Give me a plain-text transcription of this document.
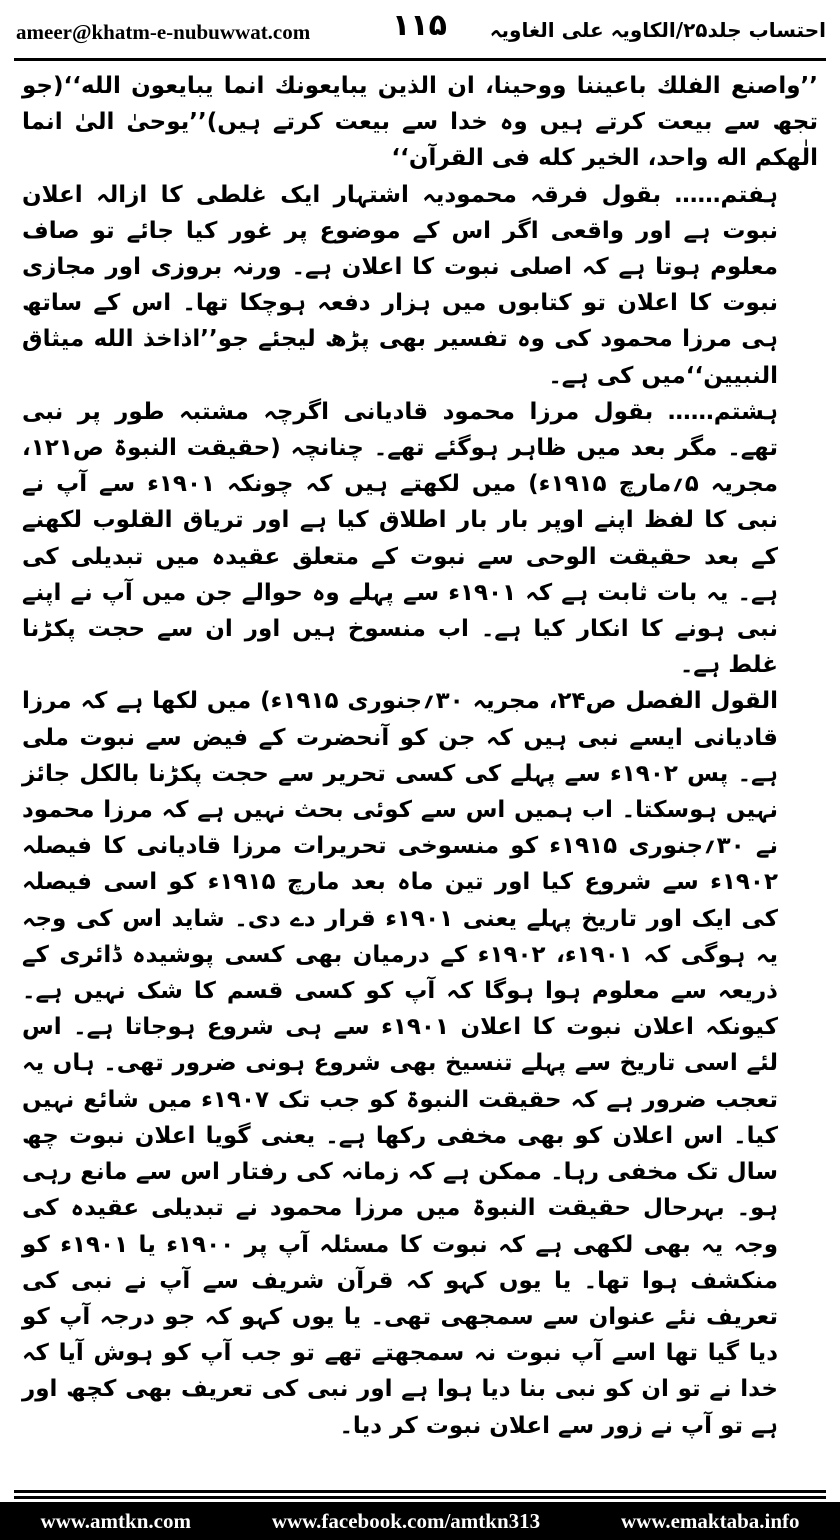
ameer@khatm-e-nubuwwat.com	۱۱۵ احتساب جلد۲۵/الکاویہ علی الغاویہ

’’واصنع الفلك باعيننا ووحينا، ان الذين يبايعونك انما يبايعون الله‘‘(جو تجھ سے بیعت کرتے ہیں وہ خدا سے بیعت کرتے ہیں)’’یوحیٰ الیٰ انما الٰهكم اله واحد، الخير كله فى القرآن‘‘

ہفتم…… بقول فرقہ محمودیہ اشتہار ایک غلطی کا ازالہ اعلان نبوت ہے اور واقعی اگر اس کے موضوع پر غور کیا جائے تو صاف معلوم ہوتا ہے کہ اصلی نبوت کا اعلان ہے۔ ورنہ بروزی اور مجازی نبوت کا اعلان تو کتابوں میں ہزار دفعہ ہوچکا تھا۔ اس کے ساتھ ہی مرزا محمود کی وہ تفسیر بھی پڑھ لیجئے جو’’اذاخذ الله ميثاق النبيين‘‘میں کی ہے۔

ہشتم…… بقول مرزا محمود قادیانی اگرچہ مشتبہ طور پر نبی تھے۔ مگر بعد میں ظاہر ہوگئے تھے۔ چنانچہ (حقیقت النبوۃ ص۱۲۱، مجریہ ۵؍مارچ ۱۹۱۵ء) میں لکھتے ہیں کہ چونکہ ۱۹۰۱ء سے آپ نے نبی کا لفظ اپنے اوپر بار بار اطلاق کیا ہے اور تریاق القلوب لکھنے کے بعد حقیقت الوحی سے نبوت کے متعلق عقیدہ میں تبدیلی کی ہے۔ یہ بات ثابت ہے کہ ۱۹۰۱ء سے پہلے وہ حوالے جن میں آپ نے اپنے نبی ہونے کا انکار کیا ہے۔ اب منسوخ ہیں اور ان سے حجت پکڑنا غلط ہے۔

القول الفصل ص۲۴، مجریہ ۳۰؍جنوری ۱۹۱۵ء) میں لکھا ہے کہ مرزا قادیانی ایسے نبی ہیں کہ جن کو آنحضرت کے فیض سے نبوت ملی ہے۔ پس ۱۹۰۲ء سے پہلے کی کسی تحریر سے حجت پکڑنا بالکل جائز نہیں ہوسکتا۔ اب ہمیں اس سے کوئی بحث نہیں ہے کہ مرزا محمود نے ۳۰؍جنوری ۱۹۱۵ء کو منسوخی تحریرات مرزا قادیانی کا فیصلہ ۱۹۰۲ء سے شروع کیا اور تین ماہ بعد مارچ ۱۹۱۵ء کو اسی فیصلہ کی ایک اور تاریخ پہلے یعنی ۱۹۰۱ء قرار دے دی۔ شاید اس کی وجہ یہ ہوگی کہ ۱۹۰۱ء، ۱۹۰۲ء کے درمیان بھی کسی پوشیدہ ڈائری کے ذریعہ سے معلوم ہوا ہوگا کہ آپ کو کسی قسم کا شک نہیں ہے۔ کیونکہ اعلان نبوت کا اعلان ۱۹۰۱ء سے ہی شروع ہوجاتا ہے۔ اس لئے اسی تاریخ سے پہلے تنسیخ بھی شروع ہونی ضرور تھی۔ ہاں یہ تعجب ضرور ہے کہ حقیقت النبوۃ کو جب تک ۱۹۰۷ء میں شائع نہیں کیا۔ اس اعلان کو بھی مخفی رکھا ہے۔ یعنی گویا اعلان نبوت چھ سال تک مخفی رہا۔ ممکن ہے کہ زمانہ کی رفتار اس سے مانع رہی ہو۔ بہرحال حقیقت النبوۃ میں مرزا محمود نے تبدیلی عقیدہ کی وجہ یہ بھی لکھی ہے کہ نبوت کا مسئلہ آپ پر ۱۹۰۰ء یا ۱۹۰۱ء کو منکشف ہوا تھا۔ یا یوں کہو کہ قرآن شریف سے آپ نے نبی کی تعریف نئے عنوان سے سمجھی تھی۔ یا یوں کہو کہ جو درجہ آپ کو دیا گیا تھا اسے آپ نبوت نہ سمجھتے تھے تو جب آپ کو ہوش آیا کہ خدا نے تو ان کو نبی بنا دیا ہوا ہے اور نبی کی تعریف بھی کچھ اور ہے تو آپ نے زور سے اعلان نبوت کر دیا۔

www.amtkn.com	www.facebook.com/amtkn313	www.emaktaba.info
